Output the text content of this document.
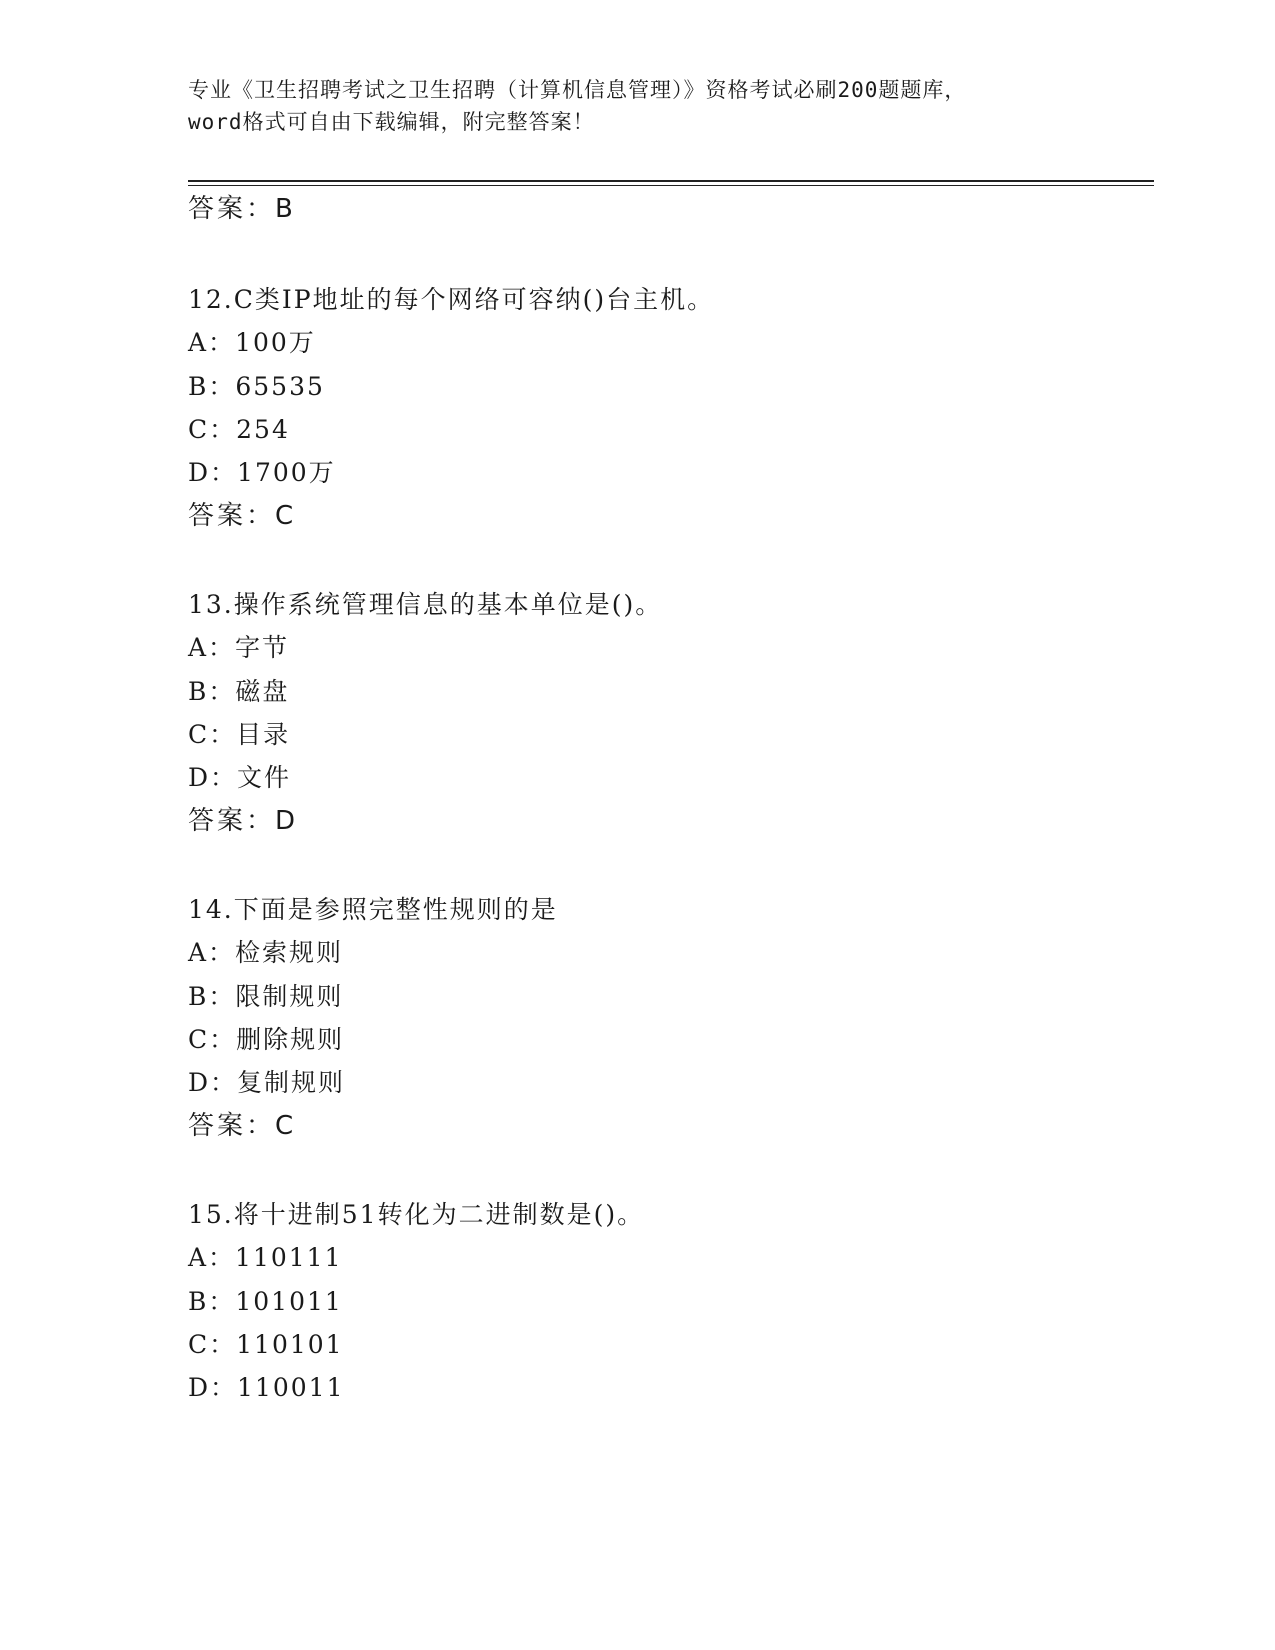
专业《卫生招聘考试之卫生招聘（计算机信息管理）》资格考试必刷200题题库，
word格式可自由下载编辑，附完整答案！
答案：B
12.C类IP地址的每个网络可容纳()台主机。
A：100万
B：65535
C：254
D：1700万
答案：C
13.操作系统管理信息的基本单位是()。
A：字节
B：磁盘
C：目录
D：文件
答案：D
14.下面是参照完整性规则的是
A：检索规则
B：限制规则
C：删除规则
D：复制规则
答案：C
15.将十进制51转化为二进制数是()。
A：110111
B：101011
C：110101
D：110011
